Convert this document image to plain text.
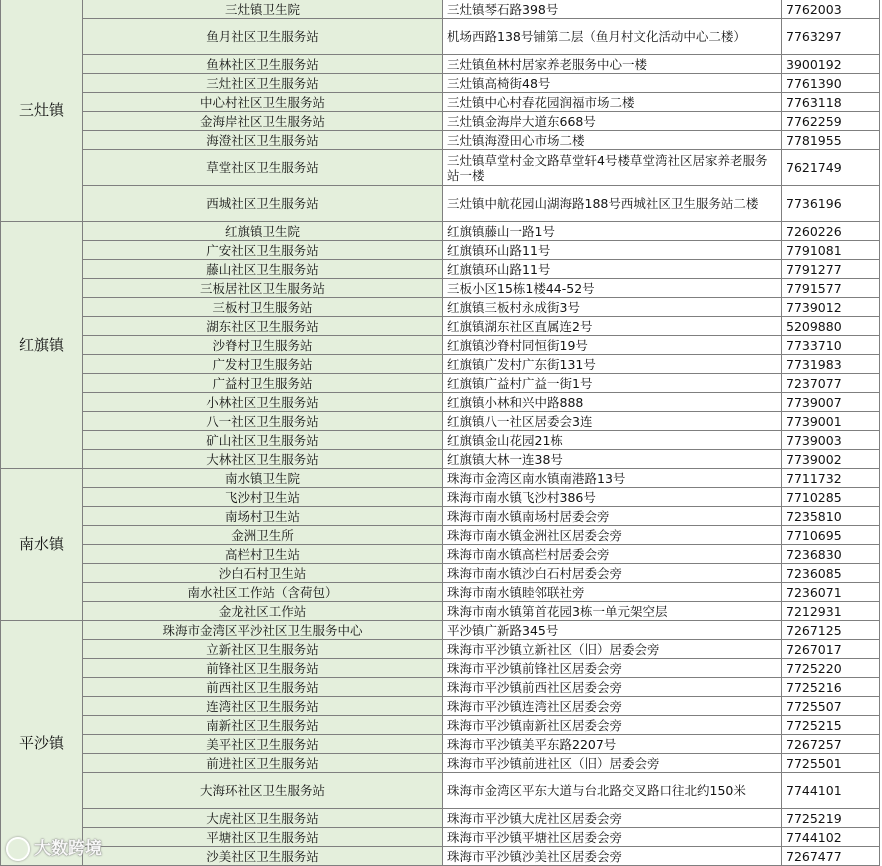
三灶镇	三灶镇卫生院	三灶镇琴石路398号	7762003
	鱼月社区卫生服务站	机场西路138号铺第二层（鱼月村文化活动中心二楼）	7763297
	鱼林社区卫生服务站	三灶镇鱼林村居家养老服务中心一楼	3900192
	三灶社区卫生服务站	三灶镇高椅街48号	7761390
	中心村社区卫生服务站	三灶镇中心村春花园润福市场二楼	7763118
	金海岸社区卫生服务站	三灶镇金海岸大道东668号	7762259
	海澄社区卫生服务站	三灶镇海澄田心市场二楼	7781955
	草堂社区卫生服务站	三灶镇草堂村金文路草堂轩4号楼草堂湾社区居家养老服务站一楼	7621749
	西城社区卫生服务站	三灶镇中航花园山湖海路188号西城社区卫生服务站二楼	7736196
红旗镇	红旗镇卫生院	红旗镇藤山一路1号	7260226
	广安社区卫生服务站	红旗镇环山路11号	7791081
	藤山社区卫生服务站	红旗镇环山路11号	7791277
	三板居社区卫生服务站	三板小区15栋1楼44-52号	7791577
	三板村卫生服务站	红旗镇三板村永成街3号	7739012
	湖东社区卫生服务站	红旗镇湖东社区直属连2号	5209880
	沙脊村卫生服务站	红旗镇沙脊村同恒街19号	7733710
	广发村卫生服务站	红旗镇广发村广东街131号	7731983
	广益村卫生服务站	红旗镇广益村广益一街1号	7237077
	小林社区卫生服务站	红旗镇小林和兴中路888	7739007
	八一社区卫生服务站	红旗镇八一社区居委会3连	7739001
	矿山社区卫生服务站	红旗镇金山花园21栋	7739003
	大林社区卫生服务站	红旗镇大林一连38号	7739002
南水镇	南水镇卫生院	珠海市金湾区南水镇南港路13号	7711732
	飞沙村卫生站	珠海市南水镇飞沙村386号	7710285
	南场村卫生站	珠海市南水镇南场村居委会旁	7235810
	金洲卫生所	珠海市南水镇金洲社区居委会旁	7710695
	高栏村卫生站	珠海市南水镇高栏村居委会旁	7236830
	沙白石村卫生站	珠海市南水镇沙白石村居委会旁	7236085
	南水社区工作站（含荷包）	珠海市南水镇睦邻联社旁	7236071
	金龙社区工作站	珠海市南水镇第首花园3栋一单元架空层	7212931
平沙镇	珠海市金湾区平沙社区卫生服务中心	平沙镇广新路345号	7267125
	立新社区卫生服务站	珠海市平沙镇立新社区（旧）居委会旁	7267017
	前锋社区卫生服务站	珠海市平沙镇前锋社区居委会旁	7725220
	前西社区卫生服务站	珠海市平沙镇前西社区居委会旁	7725216
	连湾社区卫生服务站	珠海市平沙镇连湾社区居委会旁	7725507
	南新社区卫生服务站	珠海市平沙镇南新社区居委会旁	7725215
	美平社区卫生服务站	珠海市平沙镇美平东路2207号	7267257
	前进社区卫生服务站	珠海市平沙镇前进社区（旧）居委会旁	7725501
	大海环社区卫生服务站	珠海市金湾区平东大道与台北路交叉路口往北约150米	7744101
	大虎社区卫生服务站	珠海市平沙镇大虎社区居委会旁	7725219
	平塘社区卫生服务站	珠海市平沙镇平塘社区居委会旁	7744102
	沙美社区卫生服务站	珠海市平沙镇沙美社区居委会旁	7267477
大数跨境
